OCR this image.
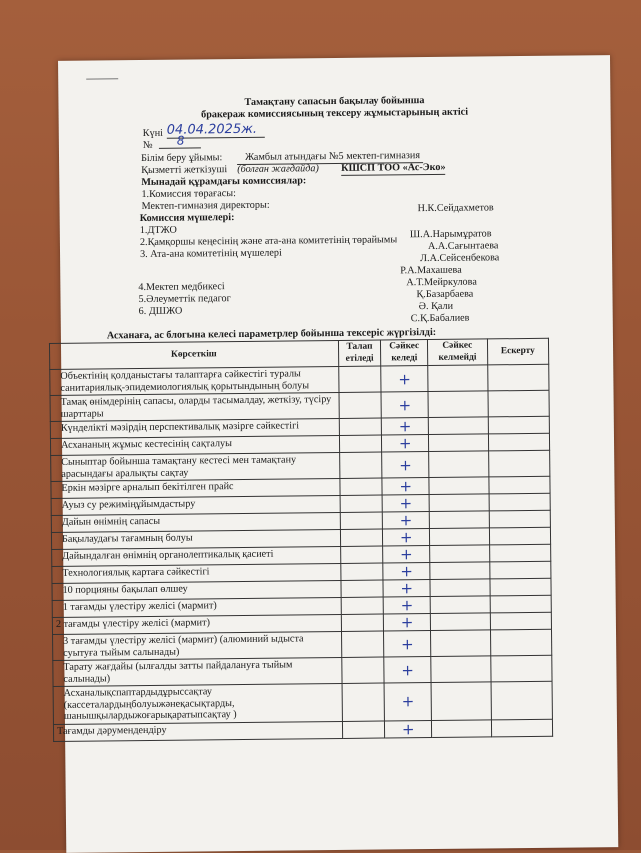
Тамақтану сапасын бақылау бойынша
бракераж комиссиясының тексеру жұмыстарының актісі
Күні 04.04.2025ж.
№	8
Білім беру ұйымы:	Жамбыл атындағы №5 мектеп-гимназия
Қызметті жеткізуші (болған жағдайда) КШСП ТОО «Ас-Эко»
Мынадай құрамдағы комиссиялар:
1.Комиссия төрағасы:
Мектеп-гимназия директоры:	Н.К.Сейдахметов
Комиссия мүшелері:
1.ДТЖО	Ш.А.Нарымұратов
2.Қамқоршы кеңесінің және ата-ана комитетінің төрайымы	А.А.Сағынтаева
3. Ата-ана комитетінің мүшелері	Л.А.Сейсенбекова
Р.А.Махашева
4.Мектеп медбикесі	А.Т.Мейркулова
5.Әлеуметтік педагог	Қ.Базарбаева
6. ДШЖО	Ә. Қали
С.Қ.Бабалиев
Асханаға, ас блогына келесі параметрлер бойынша тексеріс жүргізілді:
Көрсеткіш	Талап етіледі	Сәйкес келеді	Сәйкес келмейді	Ескерту
Объектінің қолданыстағы талаптарға сәйкестігі туралы санитариялық-эпидемиологиялық қорытындының болуы		+		
Тамақ өнімдерінің сапасы, оларды тасымалдау, жеткізу, түсіру шарттары		+		
Күнделікті мәзірдің перспективалық мәзірге сәйкестігі		+		
Асхананың жұмыс кестесінің сақталуы		+		
Сыныптар бойынша тамақтану кестесі мен тамақтану арасындағы аралықты сақтау		+		
Еркін мәзірге арналып бекітілген прайс		+		
Ауыз су режиміңұйымдастыру		+		
Дайын өнімнің сапасы		+		
Бақылаудағы тағамның болуы		+		
Дайындалған өнімнің органолептикалық қасиеті		+		
Технологиялық картаға сәйкестігі		+		
10 порцияны бақылап өлшеу		+		
1 тағамды үлестіру желісі (мармит)		+		
2 тағамды үлестіру желісі (мармит)		+		
3 тағамды үлестіру желісі (мармит) (алюминий ыдыста суытуға тыйым салынады)		+		
Тарату жағдайы (ылғалды затты пайдалануға тыйым салынады)		+		
Асханалықспаптардыдұрыссақтау (кассеталардыңболуыжәнеқасықтарды, шанышқылардыжоғарықаратыпсақтау )		+		
Тағамды дәрумендендіру		+		
